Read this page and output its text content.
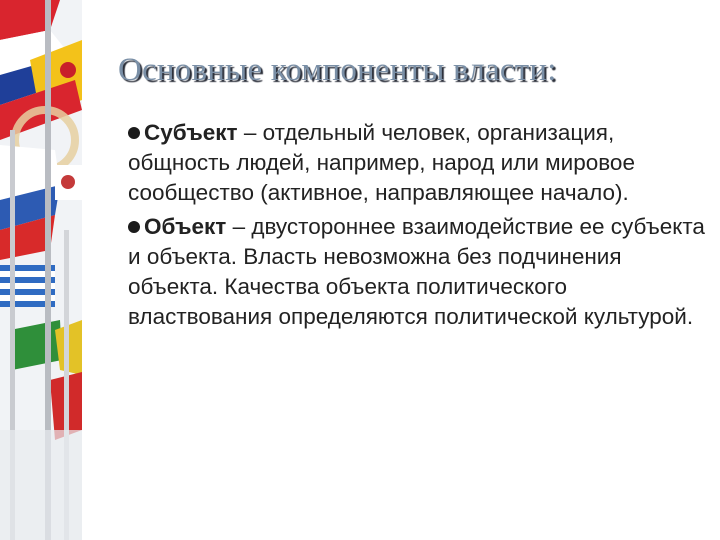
Основные компоненты власти:

Субъект – отдельный человек, организация, общность людей, например, народ или мировое сообщество (активное, направляющее начало).

Объект – двустороннее взаимодействие ее субъекта и объекта. Власть невозможна без подчинения объекта. Качества объекта политического властвования определяются политической культурой.
